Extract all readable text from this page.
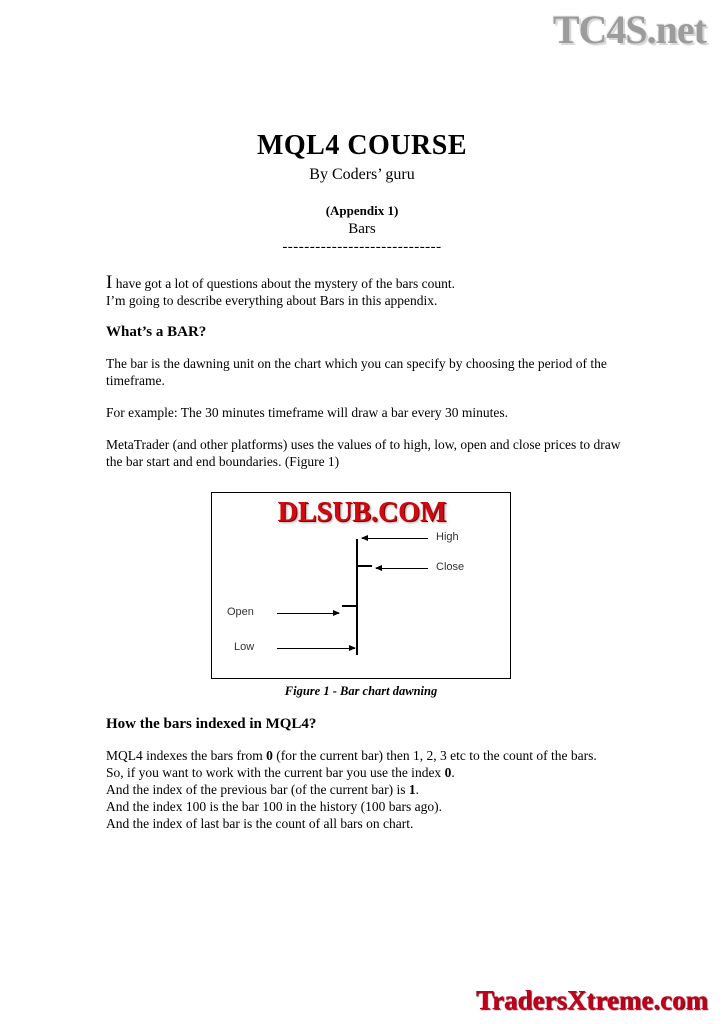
TC4S.net
MQL4 COURSE
By Coders’ guru
(Appendix 1)
Bars
-----------------------------

I have got a lot of questions about the mystery of the bars count.
I’m going to describe everything about Bars in this appendix.

What’s a BAR?

The bar is the dawning unit on the chart which you can specify by choosing the period of the timeframe.

For example: The 30 minutes timeframe will draw a bar every 30 minutes.

MetaTrader (and other platforms) uses the values of to high, low, open and close prices to draw the bar start and end boundaries. (Figure 1)

DLSUB.COM
High
Close
Open
Low
Figure 1 - Bar chart dawning
How the bars indexed in MQL4?

MQL4 indexes the bars from 0 (for the current bar) then 1, 2, 3 etc to the count of the bars.
So, if you want to work with the current bar you use the index 0.
And the index of the previous bar (of the current bar) is 1.
And the index 100 is the bar 100 in the history (100 bars ago).
And the index of last bar is the count of all bars on chart.

TradersXtreme.com
